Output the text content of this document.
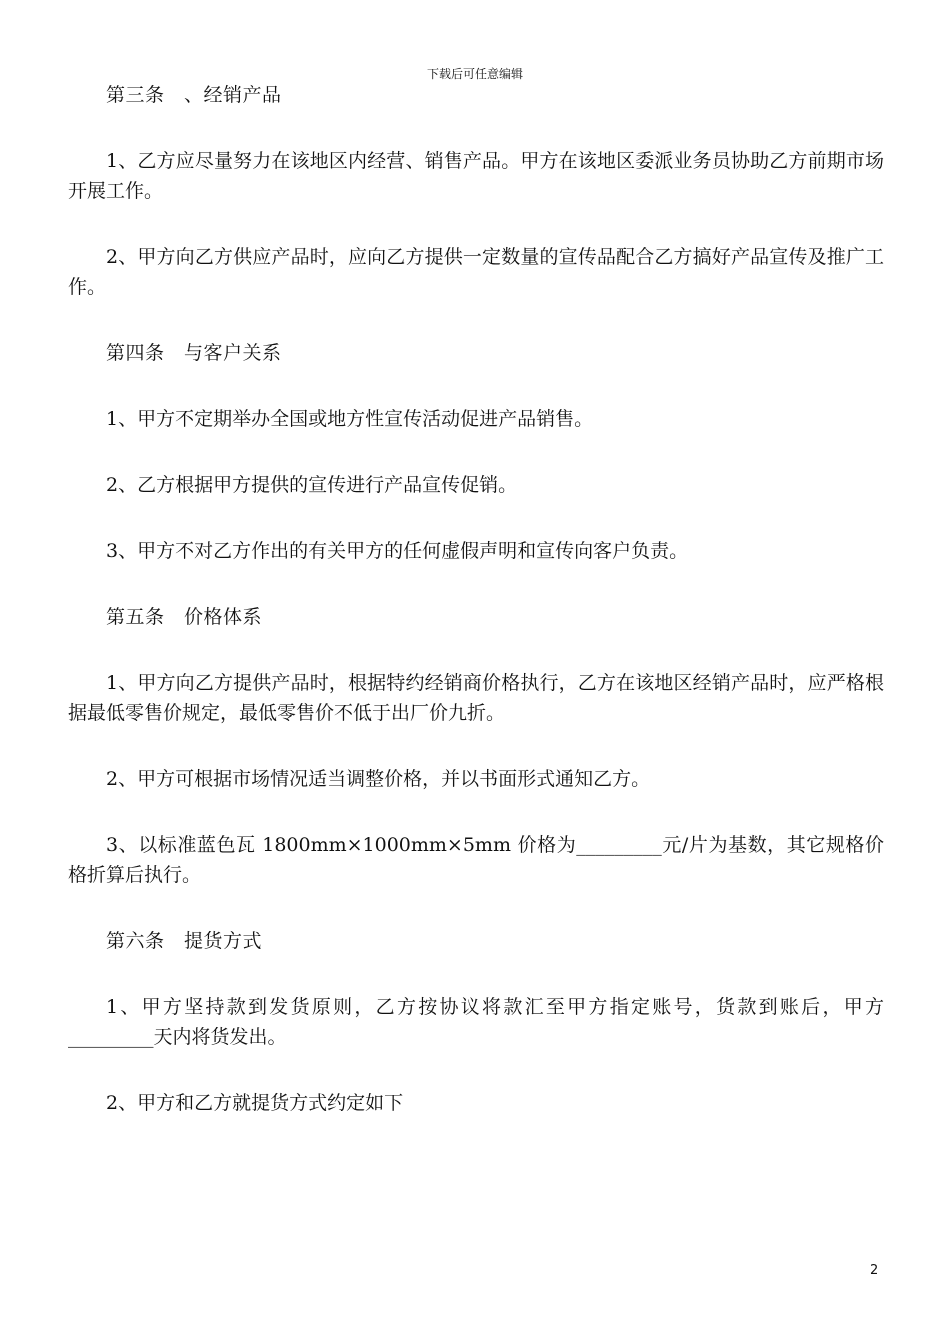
下载后可任意编辑

第三条　、经销产品

1、乙方应尽量努力在该地区内经营、销售产品。甲方在该地区委派业务员协助乙方前期市场开展工作。

2、甲方向乙方供应产品时，应向乙方提供一定数量的宣传品配合乙方搞好产品宣传及推广工作。

第四条　与客户关系

1、甲方不定期举办全国或地方性宣传活动促进产品销售。

2、乙方根据甲方提供的宣传进行产品宣传促销。

3、甲方不对乙方作出的有关甲方的任何虚假声明和宣传向客户负责。

第五条　价格体系

1、甲方向乙方提供产品时，根据特约经销商价格执行，乙方在该地区经销产品时，应严格根据最低零售价规定，最低零售价不低于出厂价九折。

2、甲方可根据市场情况适当调整价格，并以书面形式通知乙方。

3、以标准蓝色瓦 1800mm×1000mm×5mm 价格为_________元/片为基数，其它规格价格折算后执行。

第六条　提货方式

1、甲方坚持款到发货原则，乙方按协议将款汇至甲方指定账号，货款到账后，甲方_________天内将货发出。

2、甲方和乙方就提货方式约定如下

2
